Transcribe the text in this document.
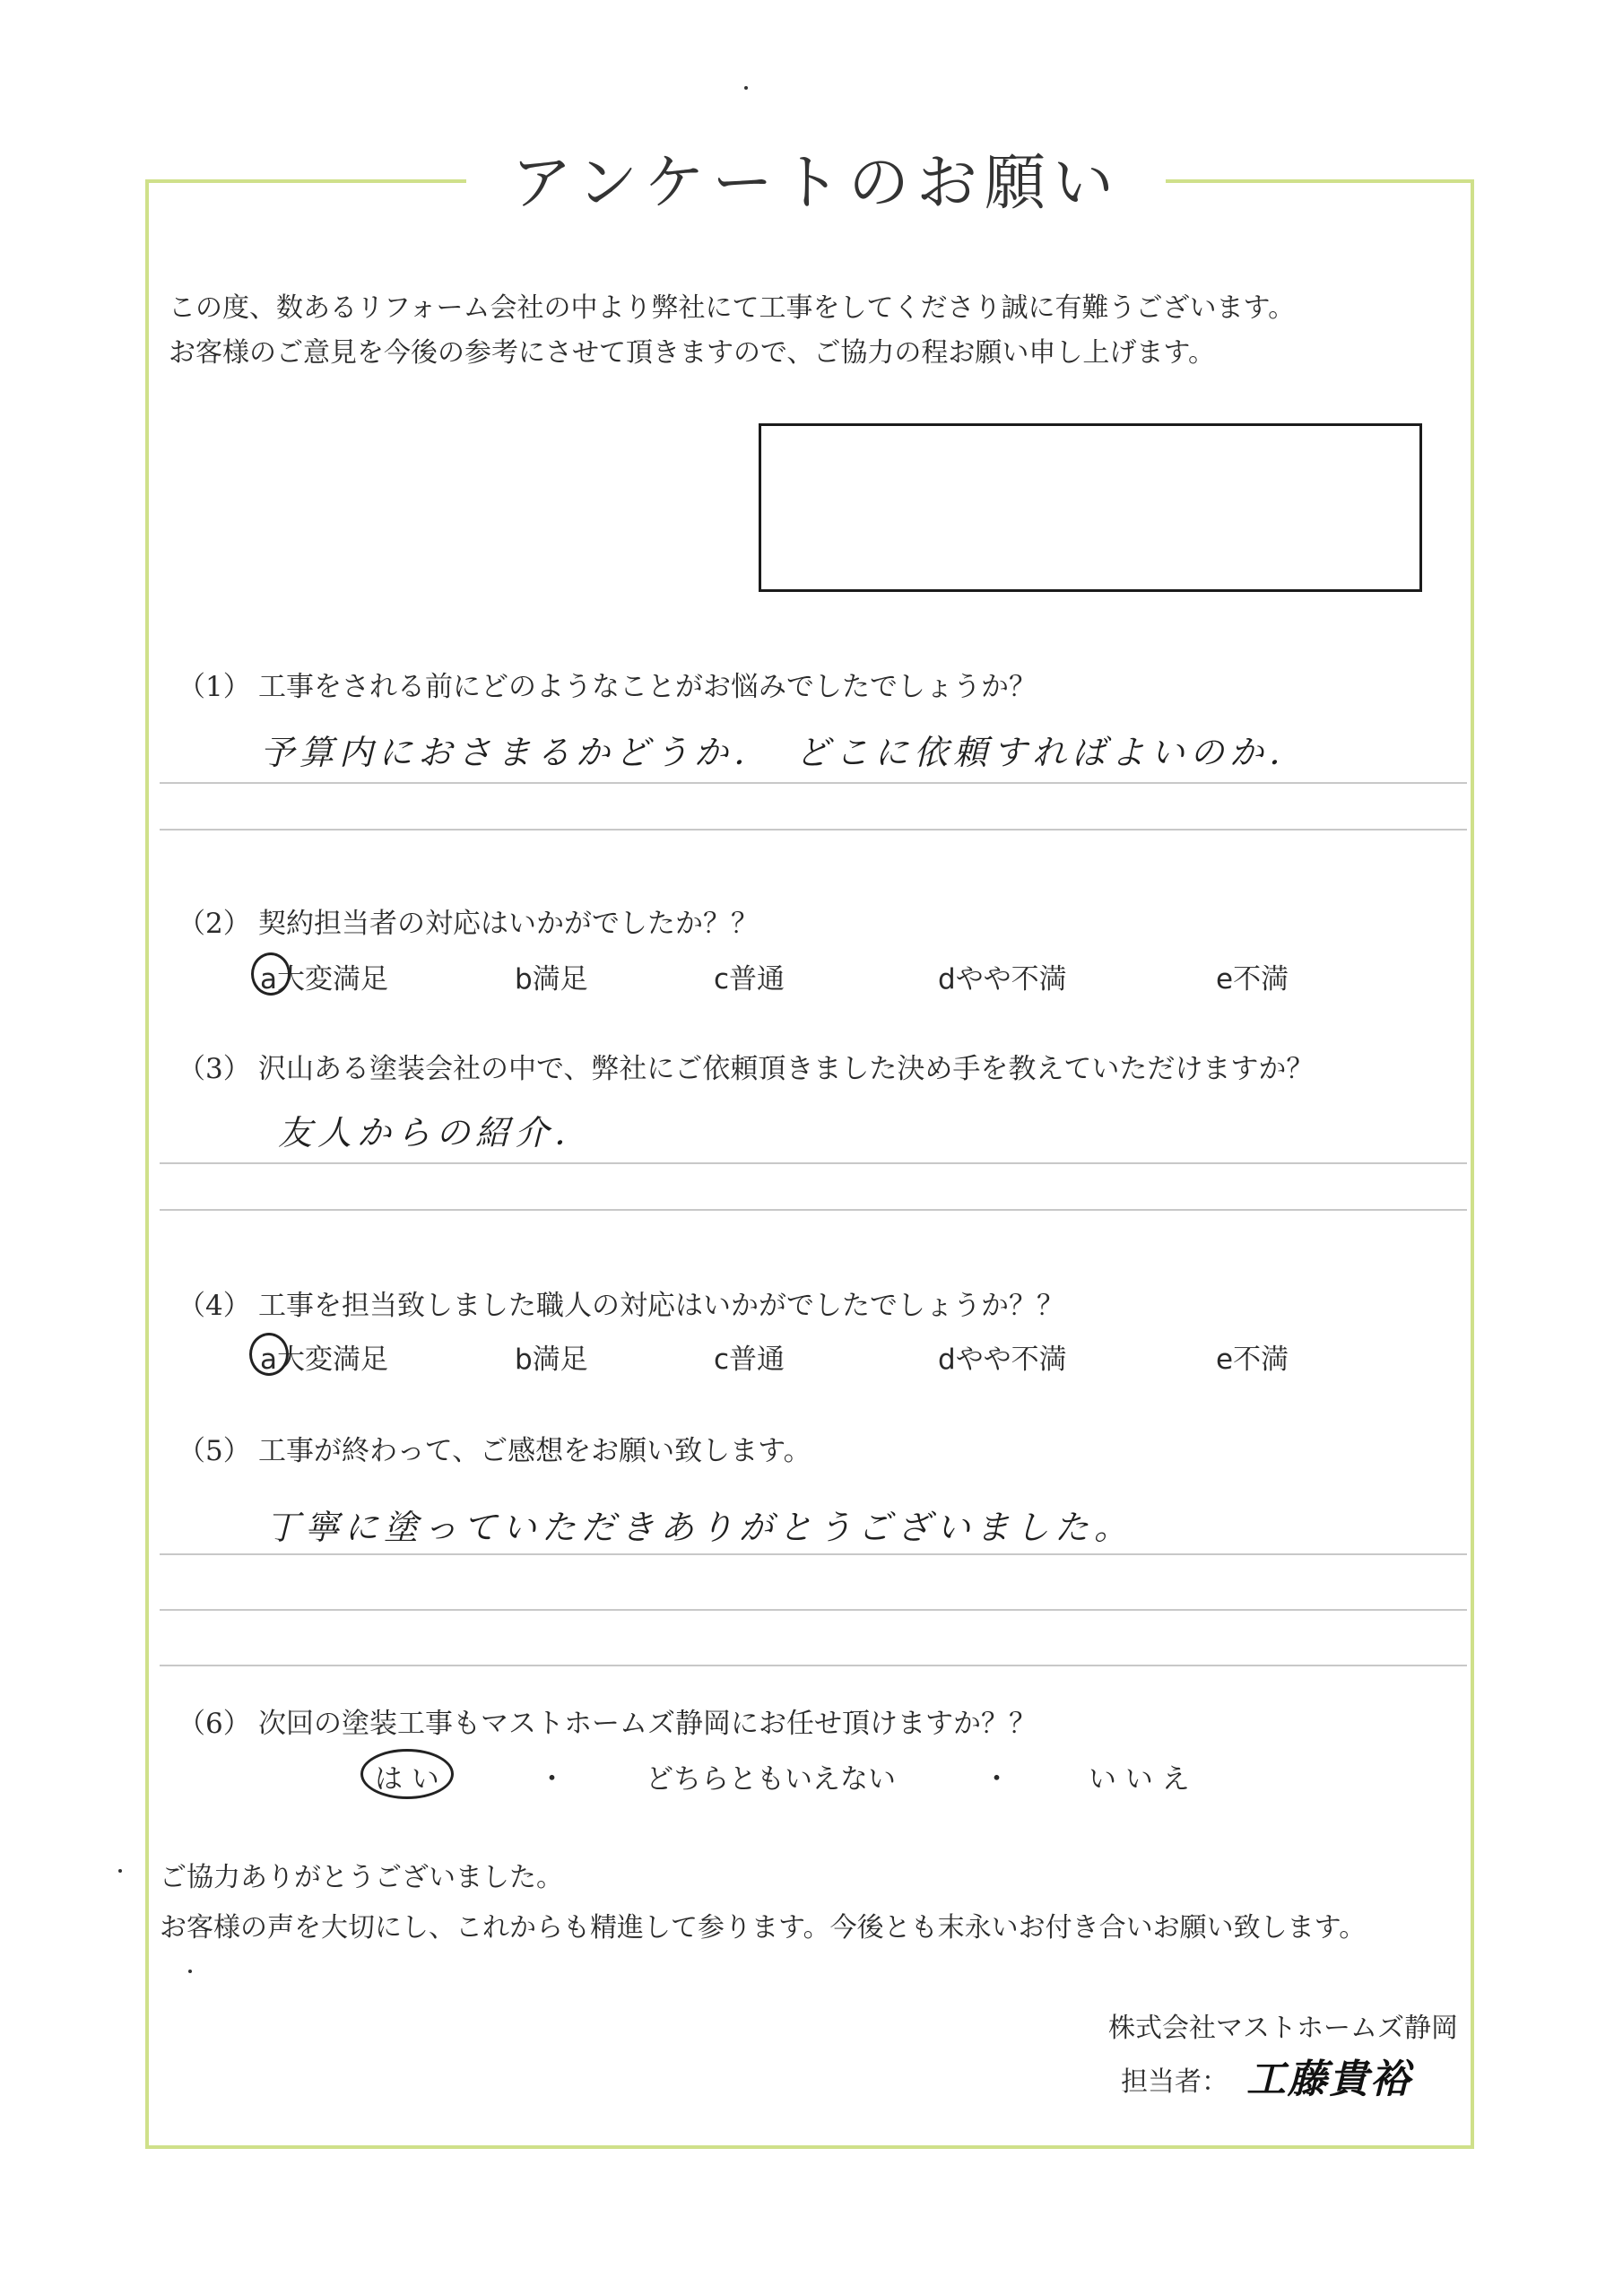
アンケートのお願い
この度、数あるリフォーム会社の中より弊社にて工事をしてくださり誠に有難うございます。
お客様のご意見を今後の参考にさせて頂きますので、ご協力の程お願い申し上げます。
（1） 工事をされる前にどのようなことがお悩みでしたでしょうか？
予算内におさまるかどうか．　どこに依頼すればよいのか．
（2） 契約担当者の対応はいかがでしたか？？
a大変満足	b満足	c普通	dやや不満	e不満
（3） 沢山ある塗装会社の中で、弊社にご依頼頂きました決め手を教えていただけますか？
友人からの紹介．
（4） 工事を担当致しました職人の対応はいかがでしたでしょうか？？
a大変満足	b満足	c普通	dやや不満	e不満
（5） 工事が終わって、ご感想をお願い致します。
丁寧に塗っていただきありがとうございました。
（6） 次回の塗装工事もマストホームズ静岡にお任せ頂けますか？？
は い	・	どちらともいえない	・	い い え
ご協力ありがとうございました。
お客様の声を大切にし、これからも精進して参ります。今後とも末永いお付き合いお願い致します。
株式会社マストホームズ静岡
担当者： 工藤貴裕
